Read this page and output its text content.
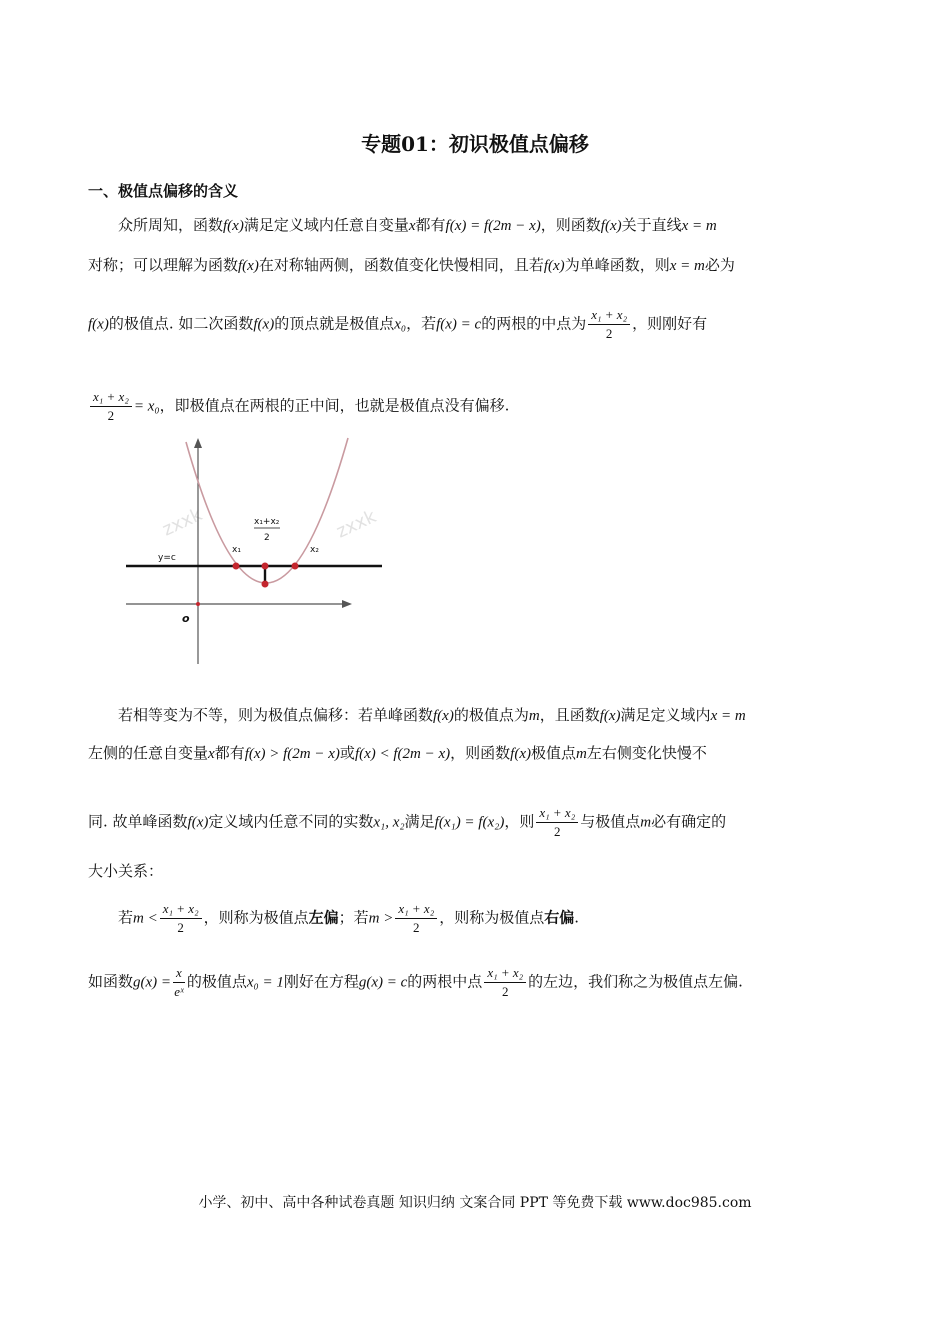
专题01：初识极值点偏移
一、极值点偏移的含义
众所周知，函数f(x)满足定义域内任意自变量x都有f(x) = f(2m − x)，则函数f(x)关于直线x = m
对称；可以理解为函数f(x)在对称轴两侧，函数值变化快慢相同，且若f(x)为单峰函数，则x = m必为
f(x)的极值点. 如二次函数f(x)的顶点就是极值点x₀，若f(x) = c的两根的中点为 $\frac{\text{x₁ + x₂}}{2}$ ，则刚好有
$\frac{\text{x₁ + x₂}}{2} = x_0$，即极值点在两根的正中间，也就是极值点没有偏移.
zxxk	zxxk
y=c
x₁	x₂
x₁+x₂
2
o
若相等变为不等，则为极值点偏移：若单峰函数f(x)的极值点为m，且函数f(x)满足定义域内x = m
左侧的任意自变量x都有f(x) > f(2m − x)或f(x) < f(2m − x)，则函数f(x)极值点m左右侧变化快慢不
同. 故单峰函数f(x)定义域内任意不同的实数x₁, x₂满足f(x₁) = f(x₂)，则 $\frac{\text{x₁ + x₂}}{2}$ 与极值点m必有确定的
大小关系：
若$m < \frac{\text{x₁ + x₂}}{2}$ ，则称为极值点左偏；若$m > \frac{\text{x₁ + x₂}}{2}$ ，则称为极值点右偏.
如函数$g(x) = \frac{x}{\text{eˣ}}$ 的极值点x₀ = 1刚好在方程g(x) = c的两根中点 $\frac{\text{x₁ + x₂}}{2}$ 的左边，我们称之为极值点左偏.
小学、初中、高中各种试卷真题 知识归纳 文案合同 PPT 等免费下载 www.doc985.com
